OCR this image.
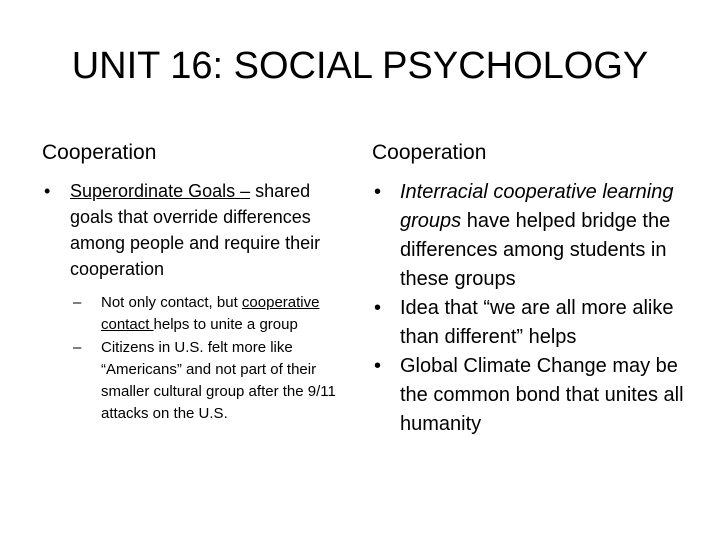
UNIT 16: SOCIAL PSYCHOLOGY
Cooperation
• Superordinate Goals – shared goals that override differences among people and require their cooperation
– Not only contact, but cooperative contact helps to unite a group
– Citizens in U.S. felt more like “Americans” and not part of their smaller cultural group after the 9/11 attacks on the U.S.
Cooperation
• Interracial cooperative learning groups have helped bridge the differences among students in these groups
• Idea that “we are all more alike than different” helps
• Global Climate Change may be the common bond that unites all humanity
